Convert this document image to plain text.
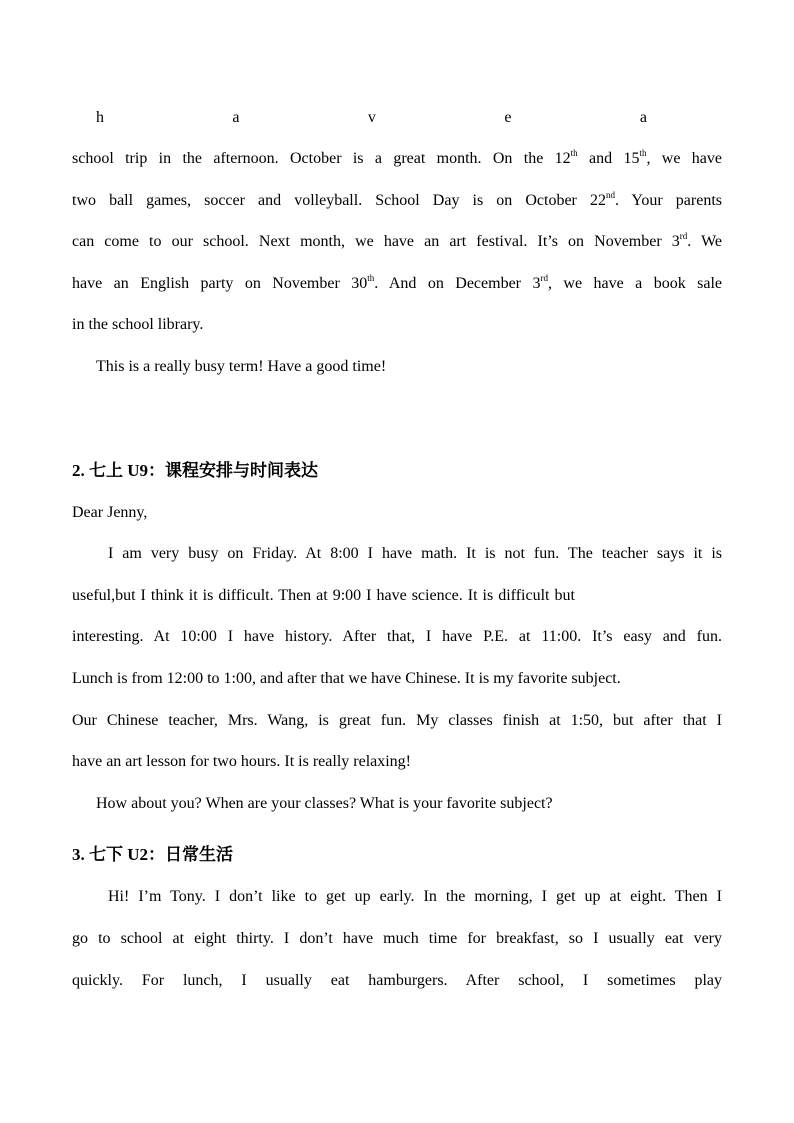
h	a	v	e	a
school trip in the afternoon. October is a great month. On the 12th and 15th, we have
two ball games, soccer and volleyball. School Day is on October 22nd. Your parents
can come to our school. Next month, we have an art festival. It’s on November 3rd. We
have an English party on November 30th. And on December 3rd, we have a book sale
in the school library.
This is a really busy term! Have a good time!
2. 七上 U9：课程安排与时间表达
Dear Jenny,
I am very busy on Friday. At 8:00 I have math. It is not fun. The teacher says it is
useful,but I think it is difficult. Then at 9:00 I have science. It is difficult but
interesting. At 10:00 I have history. After that, I have P.E. at 11:00. It’s easy and fun.
Lunch is from 12:00 to 1:00, and after that we have Chinese. It is my favorite subject.
Our Chinese teacher, Mrs. Wang, is great fun. My classes finish at 1:50, but after that I
have an art lesson for two hours. It is really relaxing!
How about you? When are your classes? What is your favorite subject?
3. 七下 U2：日常生活
Hi! I’m Tony. I don’t like to get up early. In the morning, I get up at eight. Then I
go to school at eight thirty. I don’t have much time for breakfast, so I usually eat very
quickly. For lunch, I usually eat hamburgers. After school, I sometimes play
